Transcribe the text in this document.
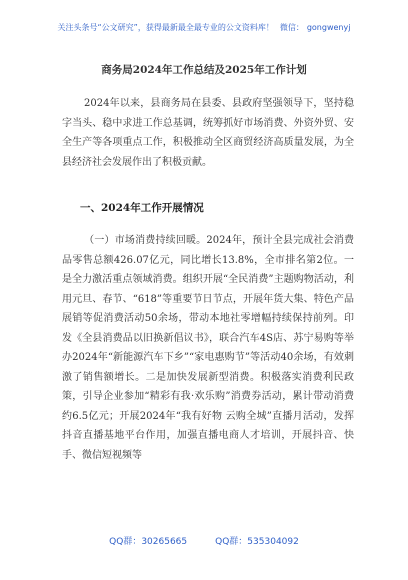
关注头条号“公文研究”，获得最新最全最专业的公文资料库！ 微信： gongwenyj
商务局2024年工作总结及2025年工作计划

2024年以来，县商务局在县委、县政府坚强领导下，坚持稳字当头、稳中求进工作总基调，统筹抓好市场消费、外资外贸、安全生产等各项重点工作，积极推动全区商贸经济高质量发展，为全县经济社会发展作出了积极贡献。

一、2024年工作开展情况

（一）市场消费持续回暖。2024年，预计全县完成社会消费品零售总额426.07亿元，同比增长13.8%，全市排名第2位。一是全力激活重点领域消费。组织开展“全民消费”主题购物活动，利用元旦、春节、“618”等重要节日节点，开展年货大集、特色产品展销等促消费活动50余场，带动本地社零增幅持续保持前列。印发《全县消费品以旧换新倡议书》，联合汽车4S店、苏宁易购等举办2024年“新能源汽车下乡”“家电惠购节”等活动40余场，有效刺激了销售额增长。二是加快发展新型消费。积极落实消费利民政策，引导企业参加“精彩有我·欢乐购”消费券活动，累计带动消费约6.5亿元；开展2024年“我有好物 云购全城”直播月活动，发挥抖音直播基地平台作用，加强直播电商人才培训，开展抖音、快手、微信短视频等

QQ群：30265665	QQ群：535304092
